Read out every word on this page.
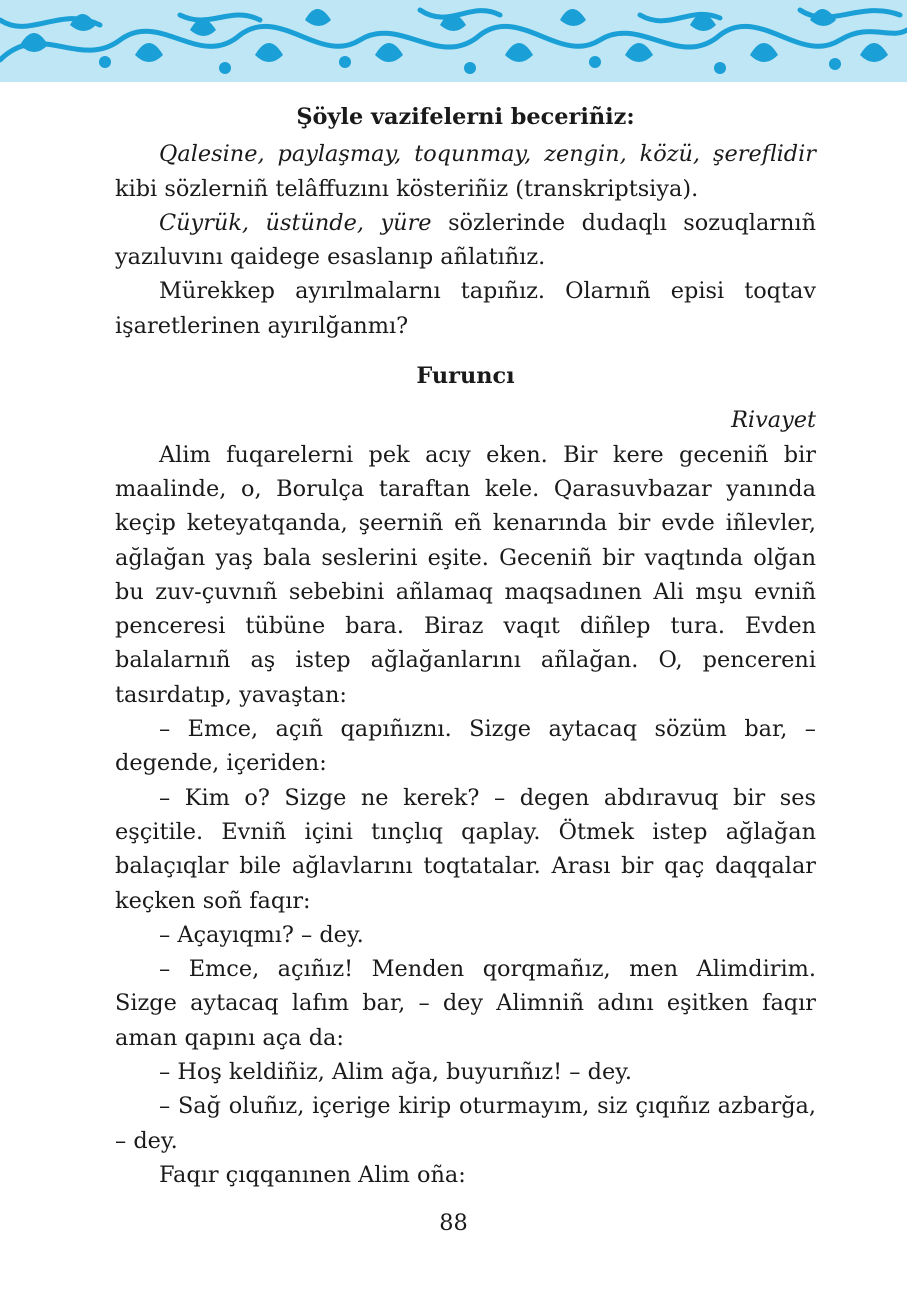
Şöyle vazifelerni beceriñiz:

Qalesine, paylaşmay, toqunmay, zengin, közü, şereflidir kibi sözlerniñ telâffuzını kösteriñiz (transkriptsiya).

Cüyrük, üstünde, yüre sözlerinde dudaqlı sozuqlarnıñ yazıluvını qaidege esaslanıp añlatıñız.

Mürekkep ayırılmalarnı tapıñız. Olarnıñ episi toqtav işaretlerinen ayırılğanmı?

Furuncı

Rivayet

Alim fuqarelerni pek acıy eken. Bir kere geceniñ bir maalinde, o, Borulça taraftan kele. Qarasuvbazar yanında keçip keteyatqanda, şeerniñ eñ kenarında bir evde iñlevler, ağlağan yaş bala seslerini eşite. Geceniñ bir vaqtında olğan bu zuv-çuvnıñ sebebini añlamaq maqsadınen Ali mşu evniñ penceresi tübüne bara. Biraz vaqıt diñlep tura. Evden balalarnıñ aş istep ağlağanlarını añlağan. O, pencereni tasırdatıp, yavaştan:

– Emce, açıñ qapıñıznı. Sizge aytacaq sözüm bar, – degende, içeriden:

– Kim o? Sizge ne kerek? – degen abdıravuq bir ses eşçitile. Evniñ içini tınçlıq qaplay. Ötmek istep ağlağan balaçıqlar bile ağlavlarını toqtatalar. Arası bir qaç daqqalar keçken soñ faqır:

– Açayıqmı? – dey.

– Emce, açıñız! Menden qorqmañız, men Alimdirim. Sizge aytacaq lafım bar, – dey Alimniñ adını eşitken faqır aman qapını aça da:

– Hoş keldiñiz, Alim ağa, buyurıñız! – dey.

– Sağ oluñız, içerige kirip oturmayım, siz çıqıñız azbarğa, – dey.

Faqır çıqqanınen Alim oña:

88
